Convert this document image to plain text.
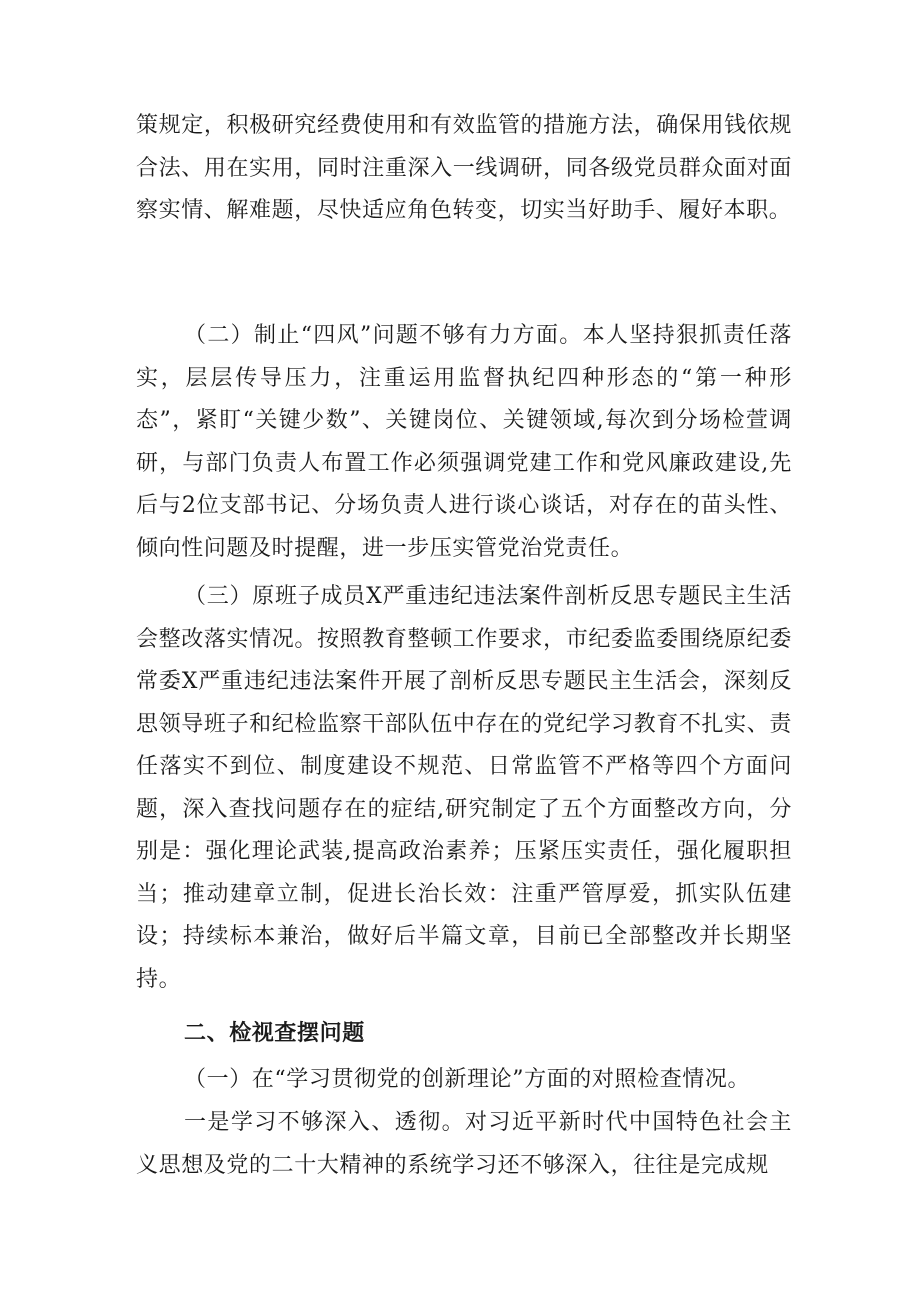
策规定，积极研究经费使用和有效监管的措施方法，确保用钱依规合法、用在实用，同时注重深入一线调研，同各级党员群众面对面察实情、解难题，尽快适应角色转变，切实当好助手、履好本职。

（二）制止“四风”问题不够有力方面。本人坚持狠抓责任落实，层层传导压力，注重运用监督执纪四种形态的“第一种形态”，紧盯“关键少数”、关键岗位、关键领域,每次到分场检萱调研，与部门负责人布置工作必须强调党建工作和党风廉政建设,先后与2位支部书记、分场负责人进行谈心谈话，对存在的苗头性、倾向性问题及时提醒，进一步压实管党治党责任。

（三）原班子成员X严重违纪违法案件剖析反思专题民主生活会整改落实情况。按照教育整顿工作要求，市纪委监委围绕原纪委常委X严重违纪违法案件开展了剖析反思专题民主生活会，深刻反思领导班子和纪检监察干部队伍中存在的党纪学习教育不扎实、责任落实不到位、制度建设不规范、日常监管不严格等四个方面问题，深入查找问题存在的症结,研究制定了五个方面整改方向，分别是：强化理论武装,提高政治素养；压紧压实责任，强化履职担当；推动建章立制，促进长治长效：注重严管厚爱，抓实队伍建设；持续标本兼治，做好后半篇文章，目前已全部整改并长期坚持。

二、检视查摆问题

（一）在“学习贯彻党的创新理论”方面的对照检查情况。

一是学习不够深入、透彻。对习近平新时代中国特色社会主义思想及党的二十大精神的系统学习还不够深入，往往是完成规
